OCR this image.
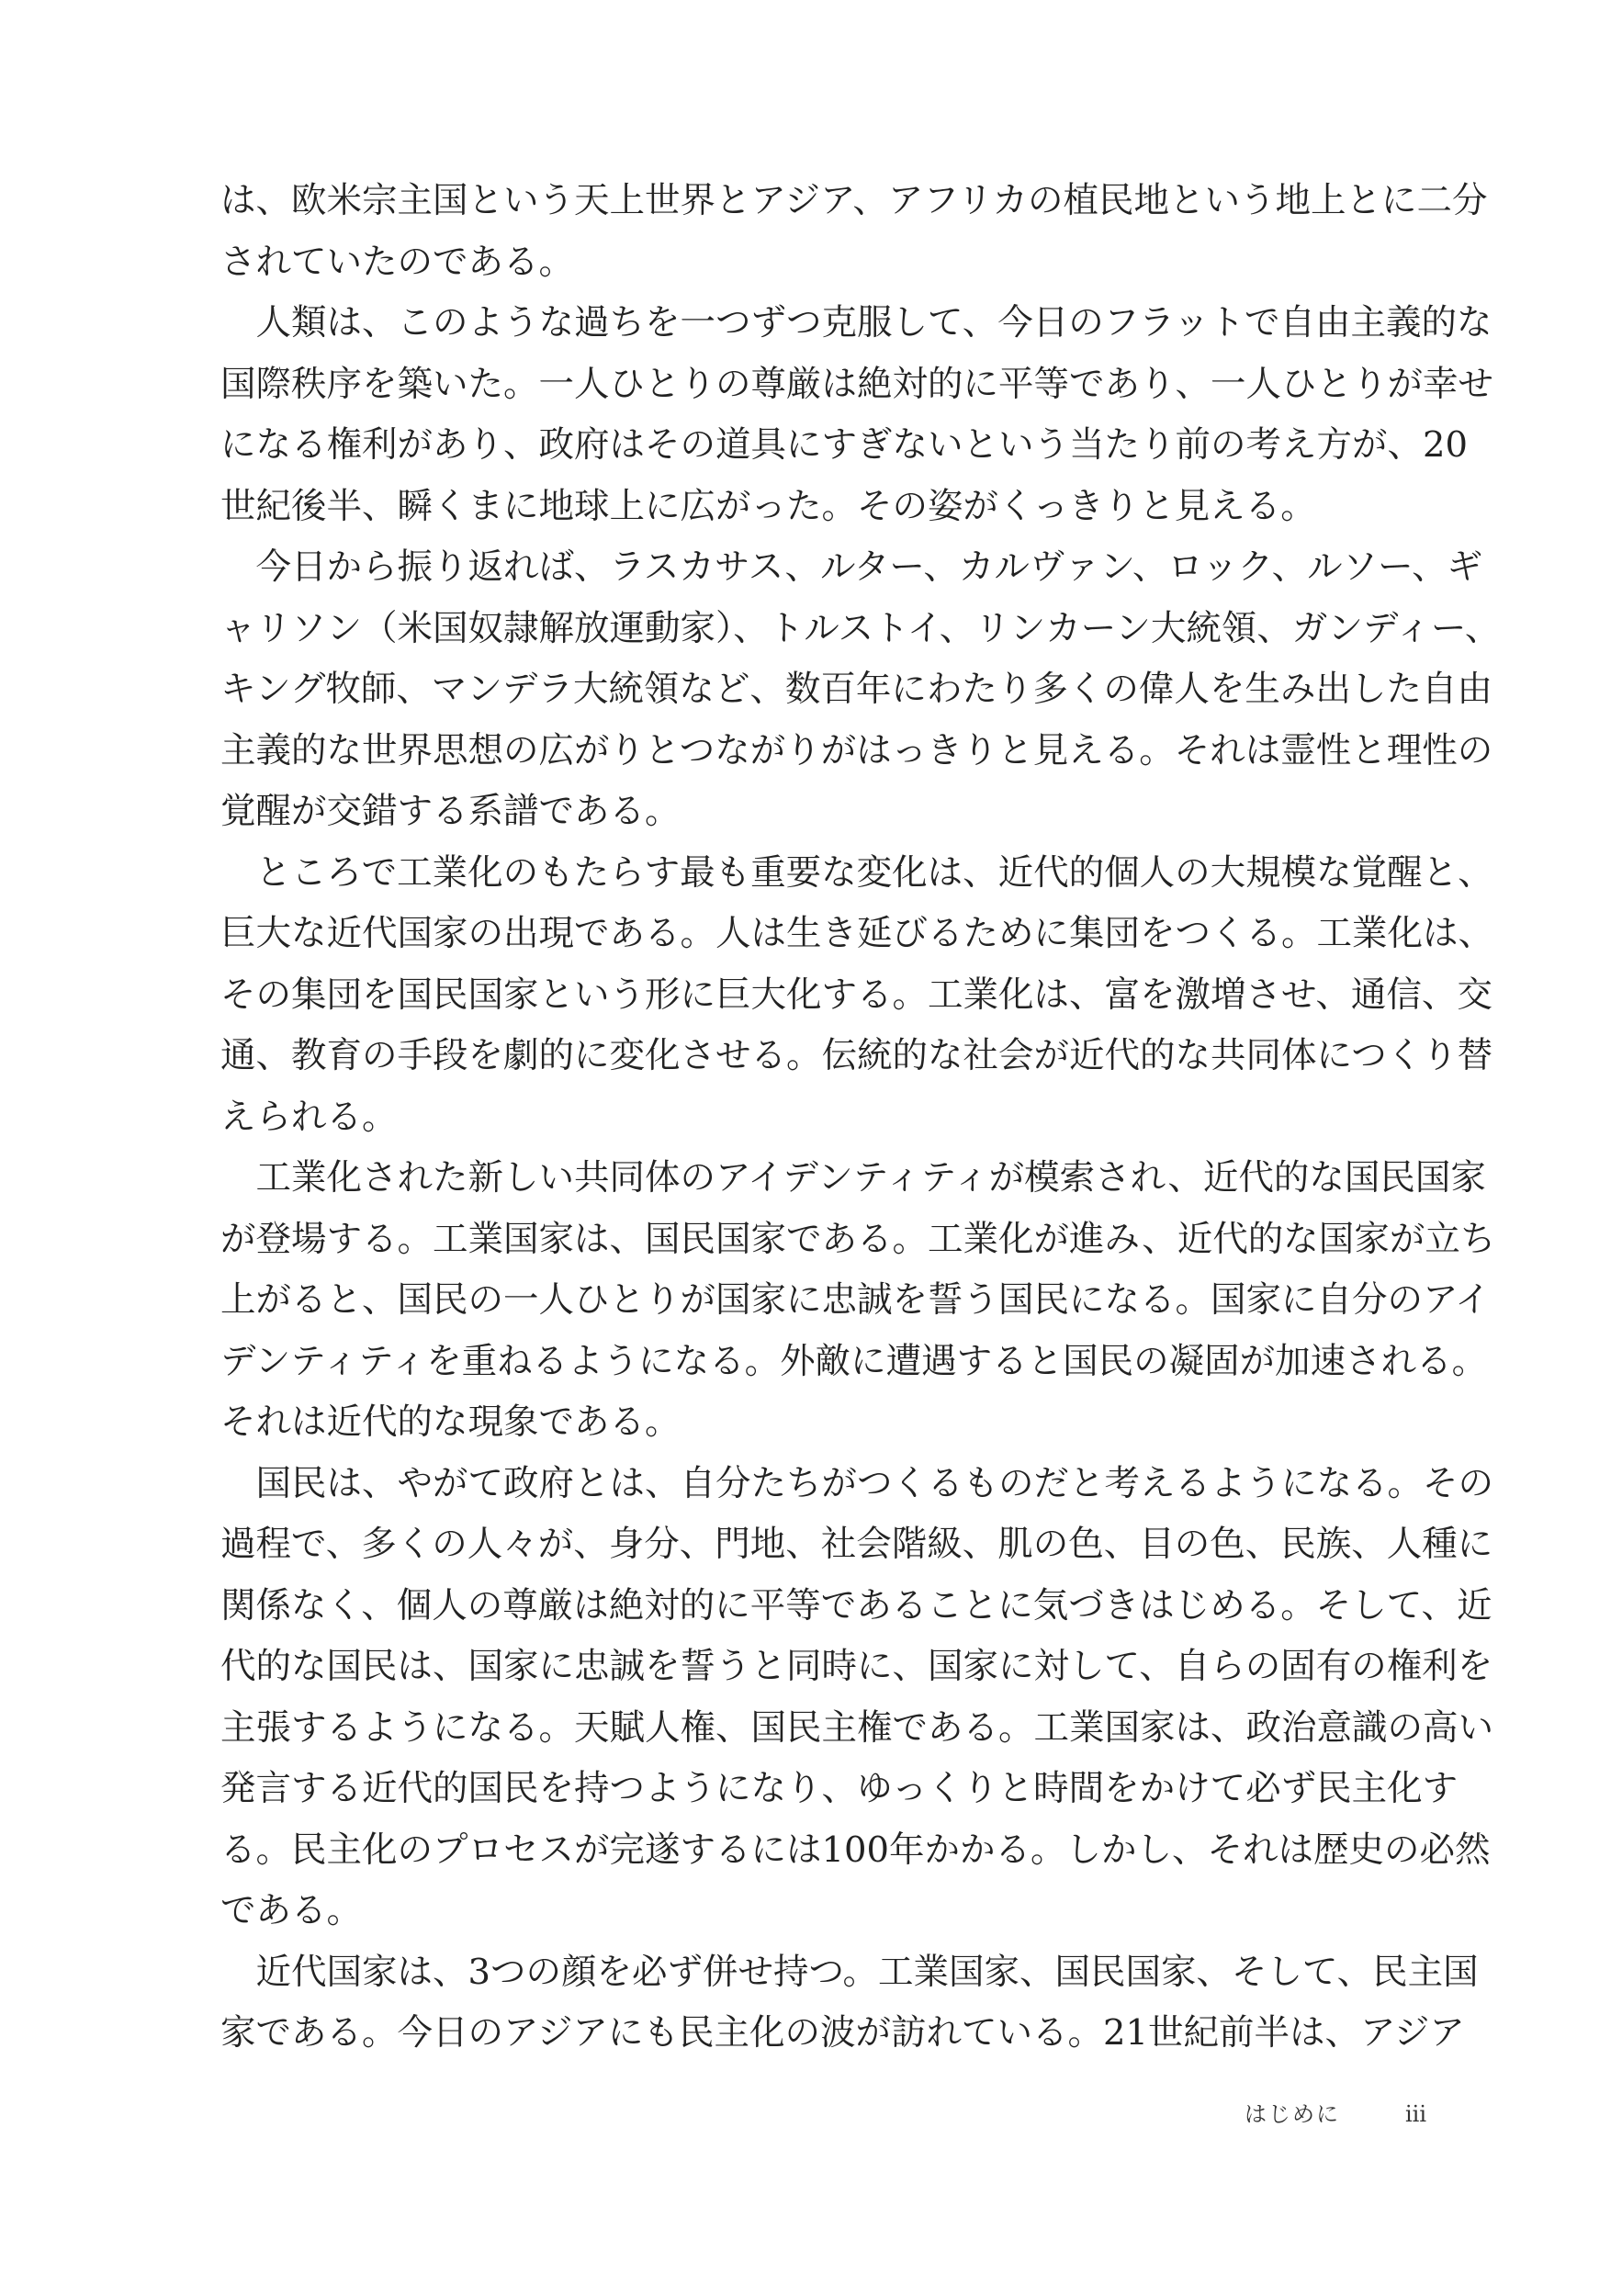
は、欧米宗主国という天上世界とアジア、アフリカの植民地という地上とに二分
されていたのである。
　人類は、このような過ちを一つずつ克服して、今日のフラットで自由主義的な
国際秩序を築いた。一人ひとりの尊厳は絶対的に平等であり、一人ひとりが幸せ
になる権利があり、政府はその道具にすぎないという当たり前の考え方が、20
世紀後半、瞬くまに地球上に広がった。その姿がくっきりと見える。
　今日から振り返れば、ラスカサス、ルター、カルヴァン、ロック、ルソー、ギ
ャリソン（米国奴隷解放運動家）、トルストイ、リンカーン大統領、ガンディー、
キング牧師、マンデラ大統領など、数百年にわたり多くの偉人を生み出した自由
主義的な世界思想の広がりとつながりがはっきりと見える。それは霊性と理性の
覚醒が交錯する系譜である。
　ところで工業化のもたらす最も重要な変化は、近代的個人の大規模な覚醒と、
巨大な近代国家の出現である。人は生き延びるために集団をつくる。工業化は、
その集団を国民国家という形に巨大化する。工業化は、富を激増させ、通信、交
通、教育の手段を劇的に変化させる。伝統的な社会が近代的な共同体につくり替
えられる。
　工業化された新しい共同体のアイデンティティが模索され、近代的な国民国家
が登場する。工業国家は、国民国家である。工業化が進み、近代的な国家が立ち
上がると、国民の一人ひとりが国家に忠誠を誓う国民になる。国家に自分のアイ
デンティティを重ねるようになる。外敵に遭遇すると国民の凝固が加速される。
それは近代的な現象である。
　国民は、やがて政府とは、自分たちがつくるものだと考えるようになる。その
過程で、多くの人々が、身分、門地、社会階級、肌の色、目の色、民族、人種に
関係なく、個人の尊厳は絶対的に平等であることに気づきはじめる。そして、近
代的な国民は、国家に忠誠を誓うと同時に、国家に対して、自らの固有の権利を
主張するようになる。天賦人権、国民主権である。工業国家は、政治意識の高い
発言する近代的国民を持つようになり、ゆっくりと時間をかけて必ず民主化す
る。民主化のプロセスが完遂するには100年かかる。しかし、それは歴史の必然
である。
　近代国家は、3つの顔を必ず併せ持つ。工業国家、国民国家、そして、民主国
家である。今日のアジアにも民主化の波が訪れている。21世紀前半は、アジア
はじめに	iii
